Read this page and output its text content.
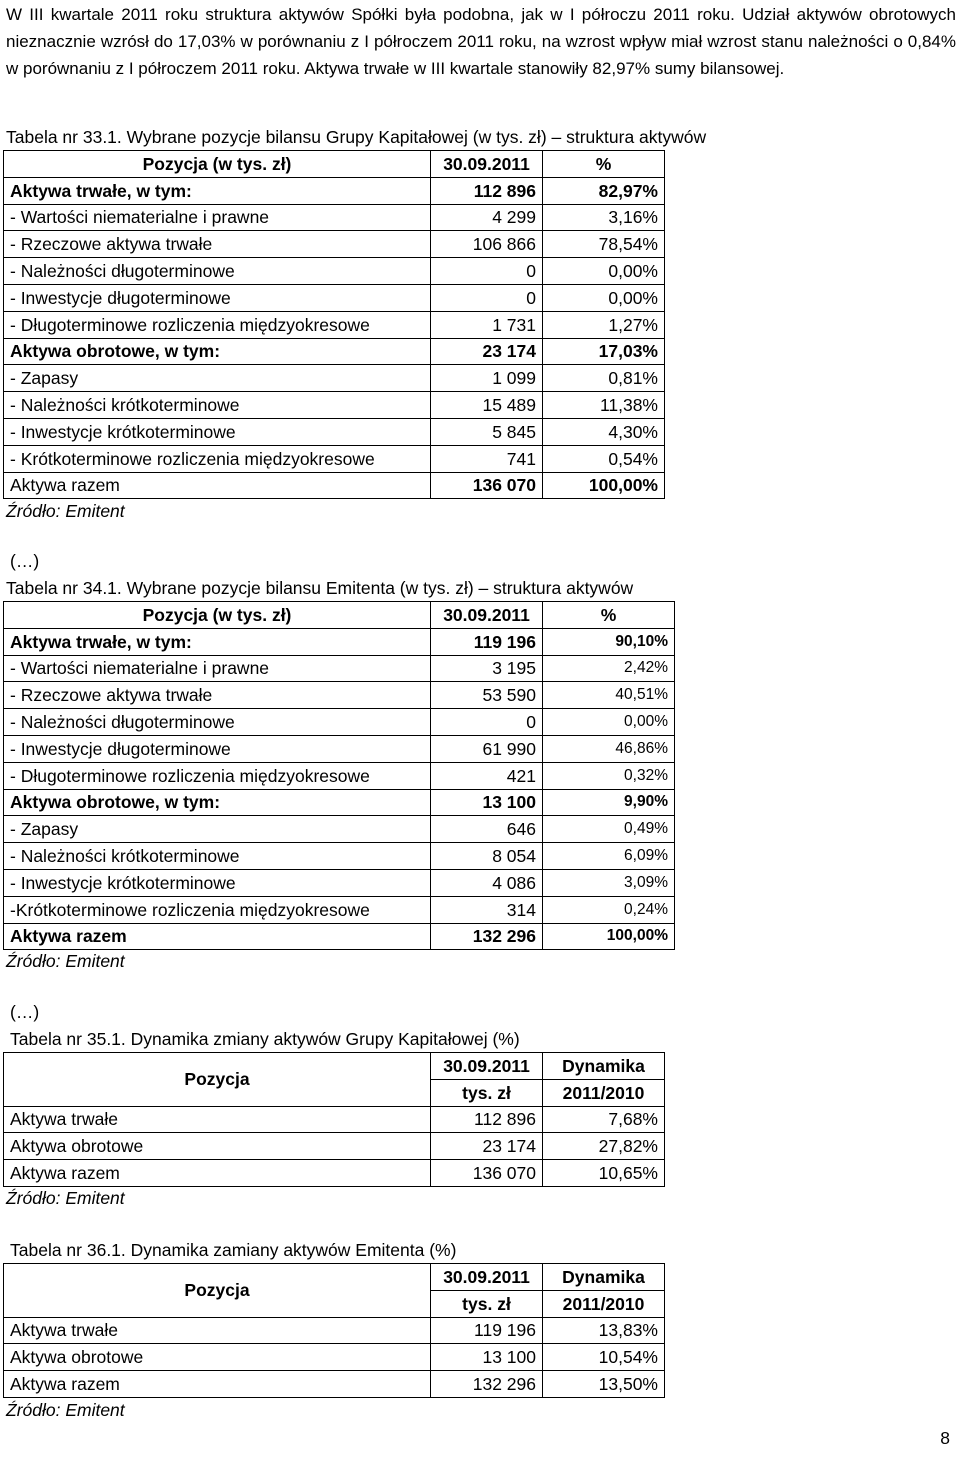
W III kwartale 2011 roku struktura aktywów Spółki była podobna, jak w I półroczu 2011 roku. Udział aktywów obrotowych nieznacznie wzrósł do 17,03% w porównaniu z I półroczem 2011 roku, na wzrost wpływ miał wzrost stanu należności o 0,84% w porównaniu z I półroczem 2011 roku. Aktywa trwałe w III kwartale stanowiły 82,97% sumy bilansowej.

Tabela nr 33.1. Wybrane pozycje bilansu Grupy Kapitałowej (w tys. zł) – struktura aktywów
Pozycja (w tys. zł)	30.09.2011	%
Aktywa trwałe, w tym:	112 896	82,97%
- Wartości niematerialne i prawne	4 299	3,16%
- Rzeczowe aktywa trwałe	106 866	78,54%
- Należności długoterminowe	0	0,00%
- Inwestycje długoterminowe	0	0,00%
- Długoterminowe rozliczenia międzyokresowe	1 731	1,27%
Aktywa obrotowe, w tym:	23 174	17,03%
- Zapasy	1 099	0,81%
- Należności krótkoterminowe	15 489	11,38%
- Inwestycje krótkoterminowe	5 845	4,30%
- Krótkoterminowe rozliczenia międzyokresowe	741	0,54%
Aktywa razem	136 070	100,00%
Źródło: Emitent
(…)
Tabela nr 34.1. Wybrane pozycje bilansu Emitenta (w tys. zł) – struktura aktywów
Pozycja (w tys. zł)	30.09.2011	%
Aktywa trwałe, w tym:	119 196	90,10%
- Wartości niematerialne i prawne	3 195	2,42%
- Rzeczowe aktywa trwałe	53 590	40,51%
- Należności długoterminowe	0	0,00%
- Inwestycje długoterminowe	61 990	46,86%
- Długoterminowe rozliczenia międzyokresowe	421	0,32%
Aktywa obrotowe, w tym:	13 100	9,90%
- Zapasy	646	0,49%
- Należności krótkoterminowe	8 054	6,09%
- Inwestycje krótkoterminowe	4 086	3,09%
-Krótkoterminowe rozliczenia międzyokresowe	314	0,24%
Aktywa razem	132 296	100,00%
Źródło: Emitent
(…)
Tabela nr 35.1. Dynamika zmiany aktywów Grupy Kapitałowej (%)
Pozycja	30.09.2011	Dynamika
	tys. zł	2011/2010
Aktywa trwałe	112 896	7,68%
Aktywa obrotowe	23 174	27,82%
Aktywa razem	136 070	10,65%
Źródło: Emitent
Tabela nr 36.1. Dynamika zamiany aktywów Emitenta (%)
Pozycja	30.09.2011	Dynamika
	tys. zł	2011/2010
Aktywa trwałe	119 196	13,83%
Aktywa obrotowe	13 100	10,54%
Aktywa razem	132 296	13,50%
Źródło: Emitent
8
